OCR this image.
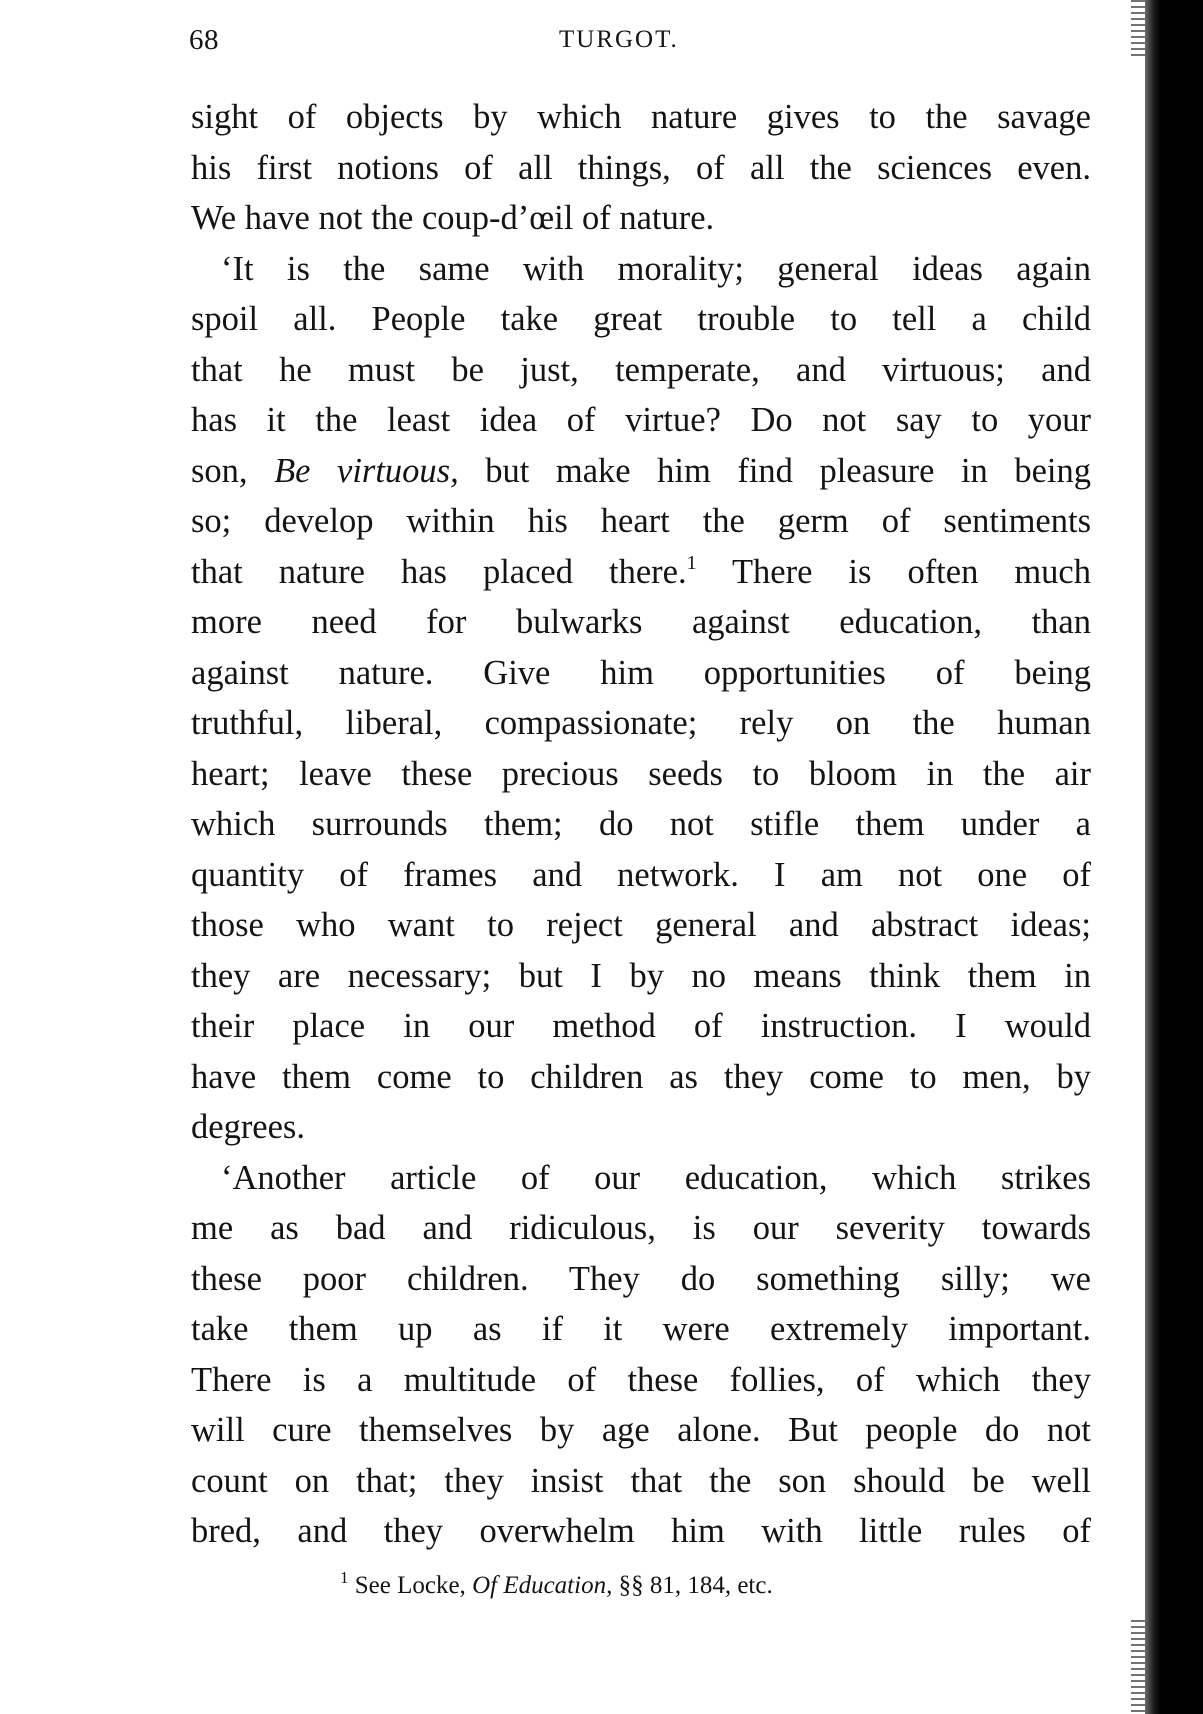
68	TURGOT.
sight of objects by which nature gives to the savage
his first notions of all things, of all the sciences even.
We have not the coup-d’œil of nature.
‘It is the same with morality; general ideas again
spoil all. People take great trouble to tell a child
that he must be just, temperate, and virtuous; and
has it the least idea of virtue? Do not say to your
son, Be virtuous, but make him find pleasure in being
so; develop within his heart the germ of sentiments
that nature has placed there.$^1$ There is often much
more need for bulwarks against education, than
against nature. Give him opportunities of being
truthful, liberal, compassionate; rely on the human
heart; leave these precious seeds to bloom in the air
which surrounds them; do not stifle them under a
quantity of frames and network. I am not one of
those who want to reject general and abstract ideas;
they are necessary; but I by no means think them in
their place in our method of instruction. I would
have them come to children as they come to men, by
degrees.
‘Another article of our education, which strikes
me as bad and ridiculous, is our severity towards
these poor children. They do something silly; we
take them up as if it were extremely important.
There is a multitude of these follies, of which they
will cure themselves by age alone. But people do not
count on that; they insist that the son should be well
bred, and they overwhelm him with little rules of
$^1$ See Locke, Of Education, §§ 81, 184, etc.
